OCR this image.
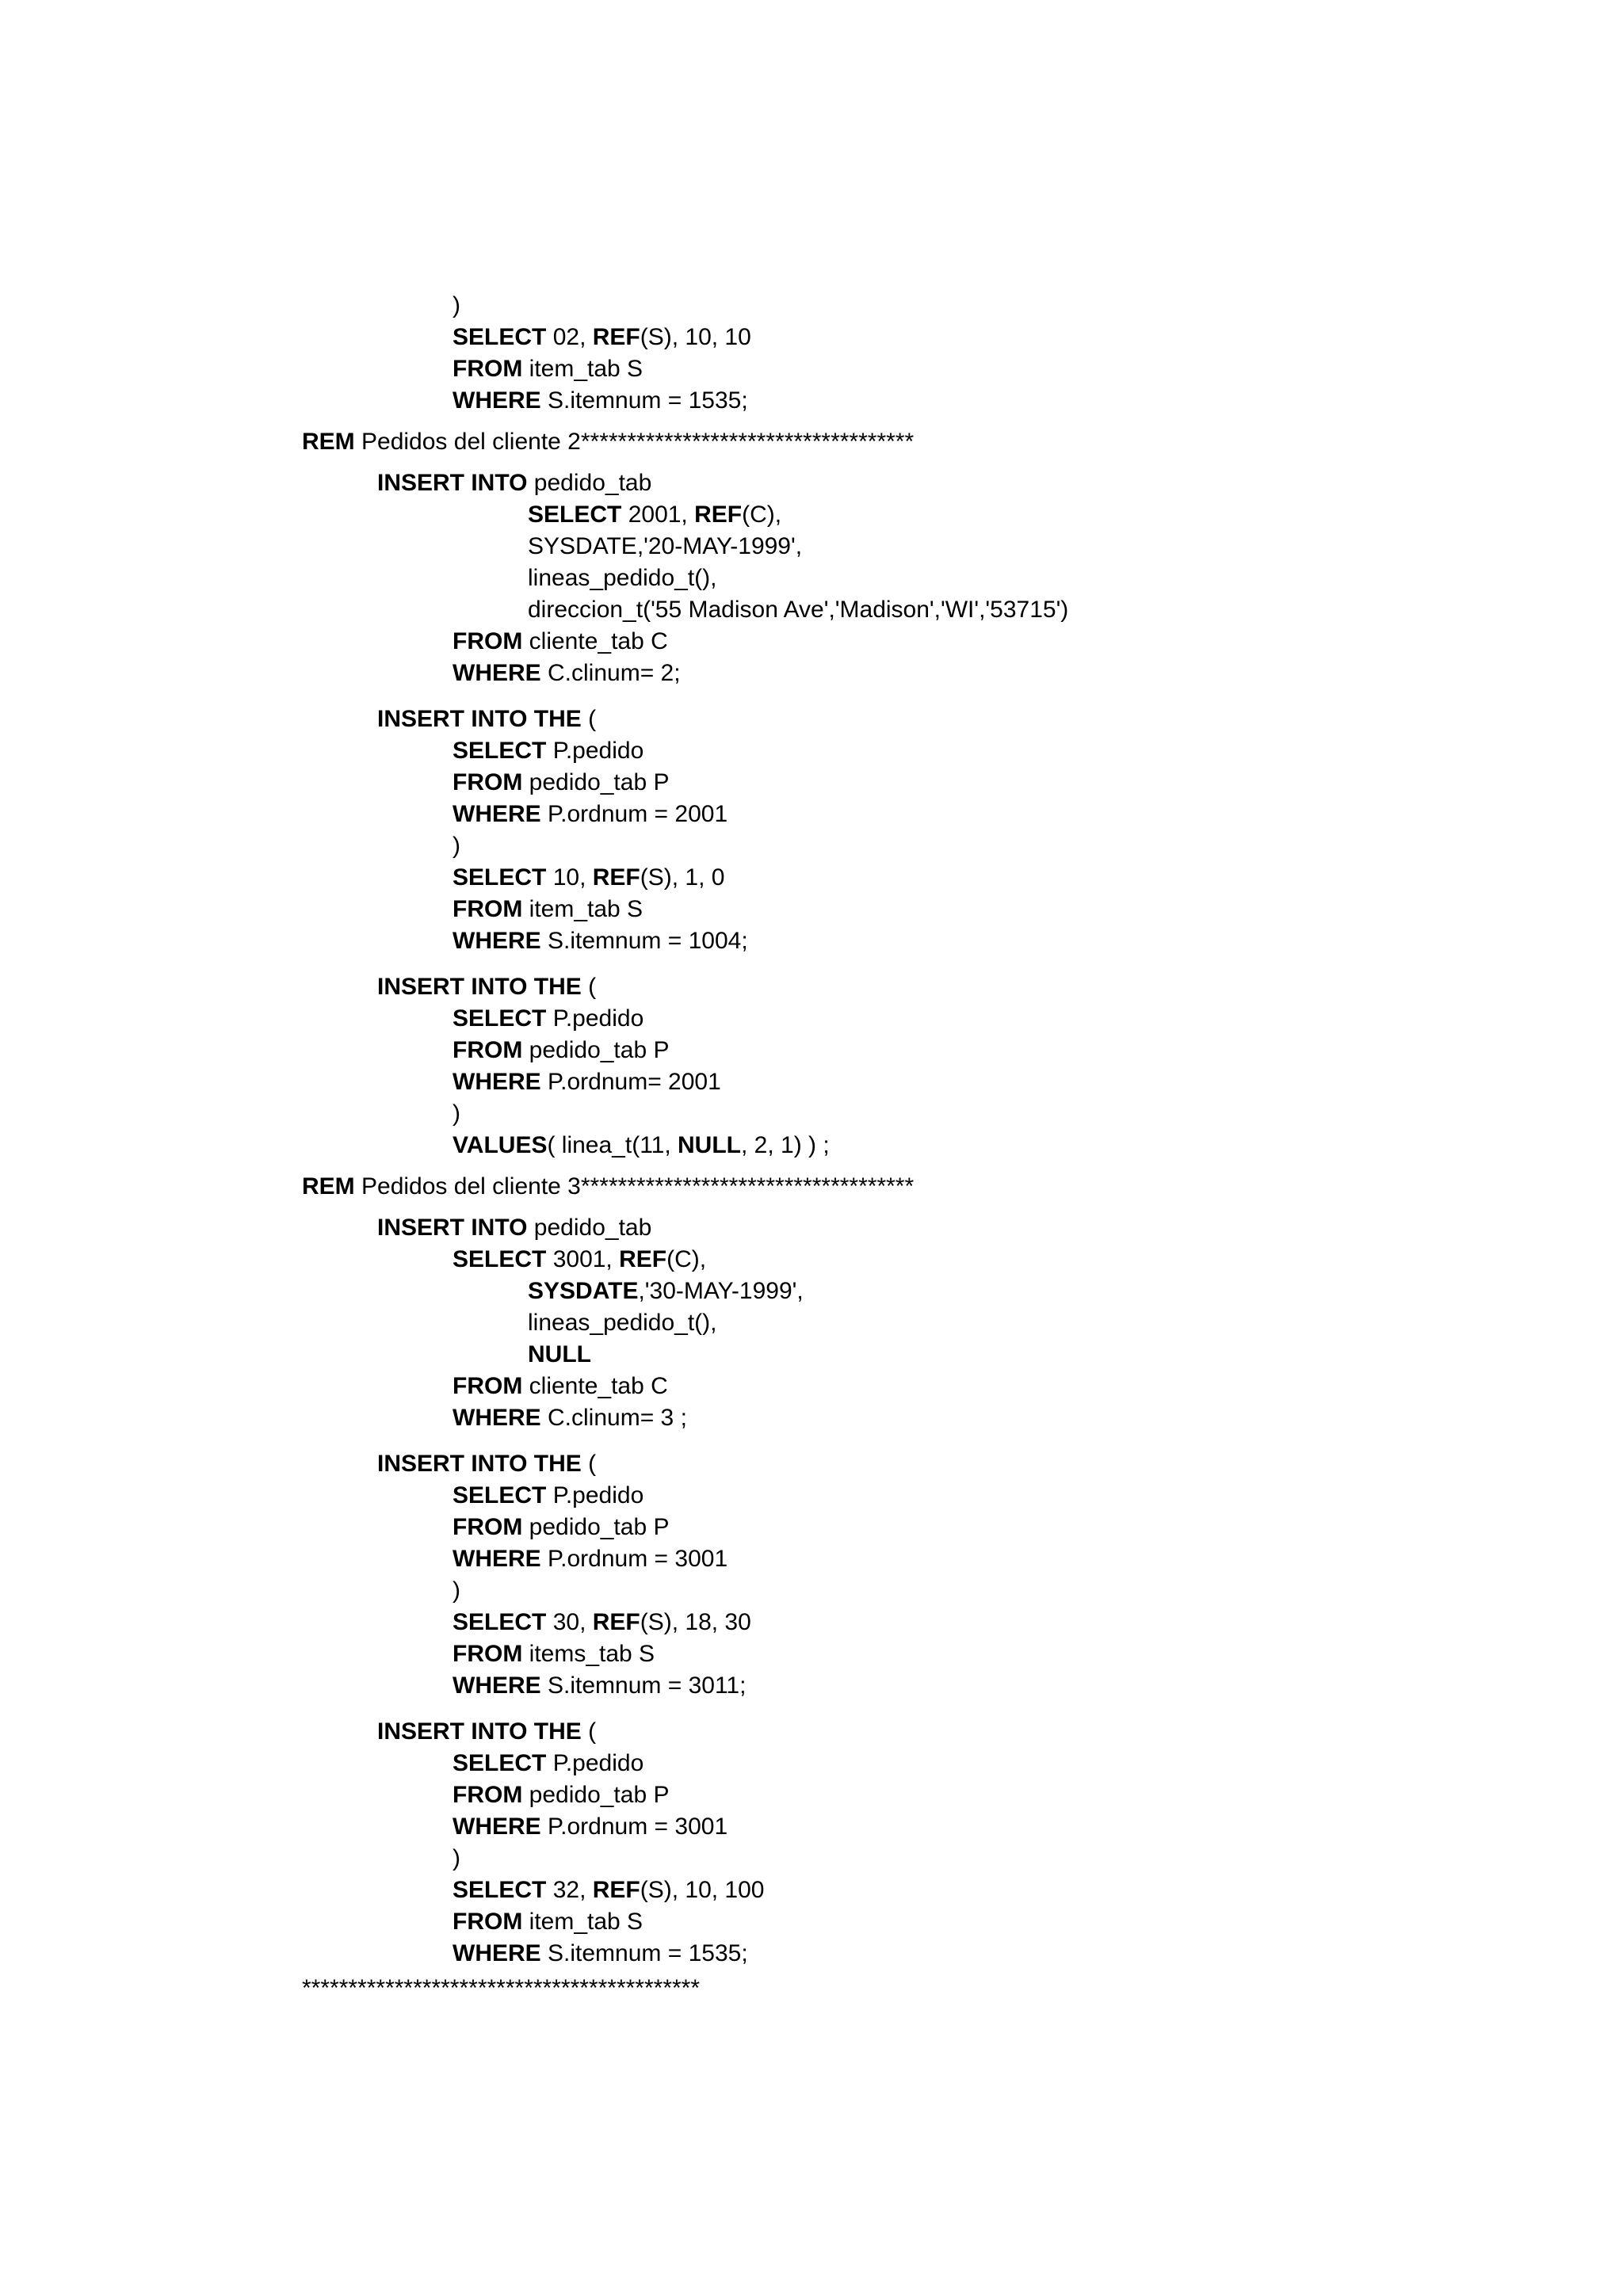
)
SELECT 02, REF(S), 10, 10
FROM item_tab S
WHERE S.itemnum = 1535;
REM Pedidos del cliente 2************************************
INSERT INTO pedido_tab
SELECT 2001, REF(C),
SYSDATE,'20-MAY-1999',
lineas_pedido_t(),
direccion_t('55 Madison Ave','Madison','WI','53715')
FROM cliente_tab C
WHERE C.clinum= 2;
INSERT INTO THE (
SELECT P.pedido
FROM pedido_tab P
WHERE P.ordnum = 2001
)
SELECT 10, REF(S), 1, 0
FROM item_tab S
WHERE S.itemnum = 1004;
INSERT INTO THE (
SELECT P.pedido
FROM pedido_tab P
WHERE P.ordnum= 2001
)
VALUES( linea_t(11, NULL, 2, 1) ) ;
REM Pedidos del cliente 3************************************
INSERT INTO pedido_tab
SELECT 3001, REF(C),
SYSDATE,'30-MAY-1999',
lineas_pedido_t(),
NULL
FROM cliente_tab C
WHERE C.clinum= 3 ;
INSERT INTO THE (
SELECT P.pedido
FROM pedido_tab P
WHERE P.ordnum = 3001
)
SELECT 30, REF(S), 18, 30
FROM items_tab S
WHERE S.itemnum = 3011;
INSERT INTO THE (
SELECT P.pedido
FROM pedido_tab P
WHERE P.ordnum = 3001
)
SELECT 32, REF(S), 10, 100
FROM item_tab S
WHERE S.itemnum = 1535;
*******************************************
